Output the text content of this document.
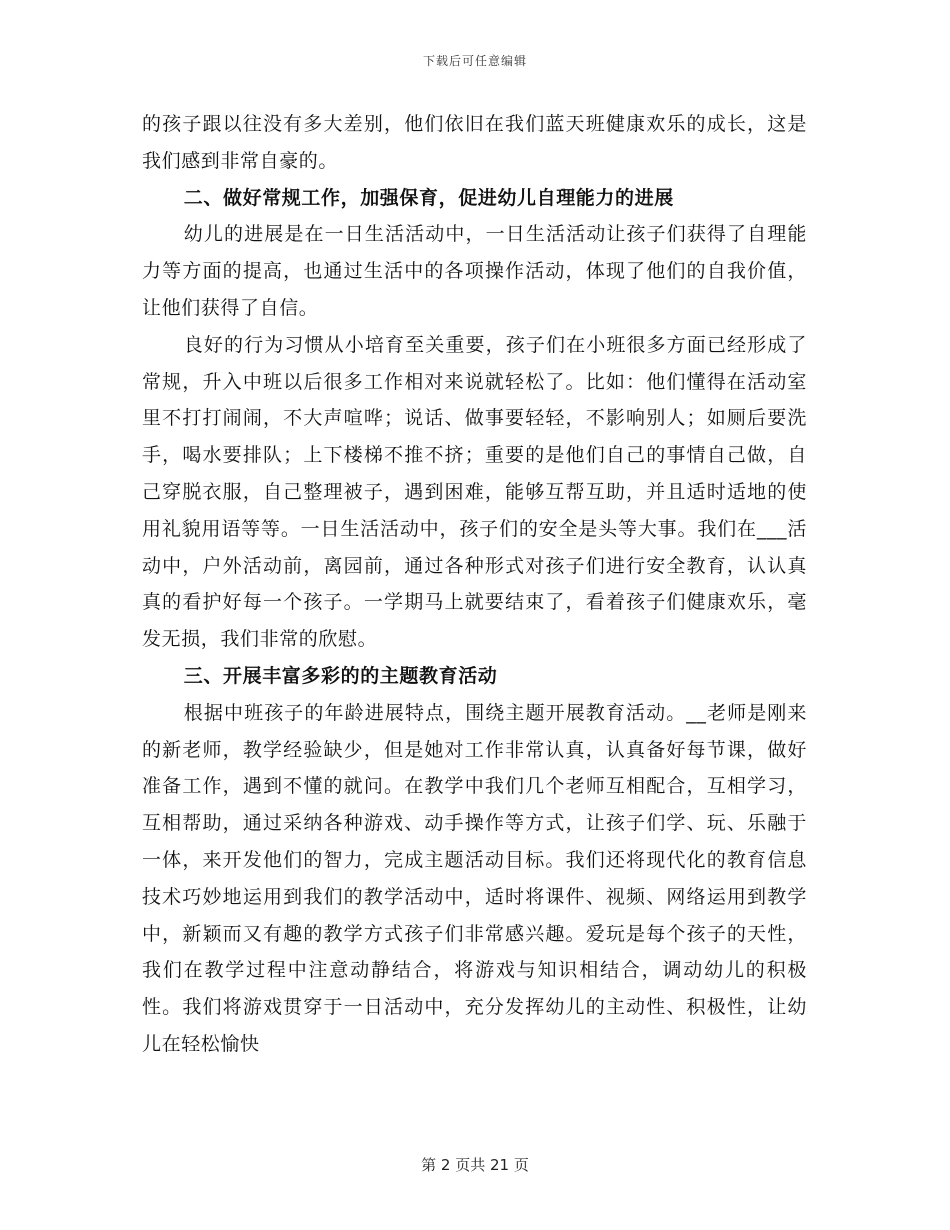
下载后可任意编辑

的孩子跟以往没有多大差别，他们依旧在我们蓝天班健康欢乐的成长，这是我们感到非常自豪的。

二、做好常规工作，加强保育，促进幼儿自理能力的进展

幼儿的进展是在一日生活活动中，一日生活活动让孩子们获得了自理能力等方面的提高，也通过生活中的各项操作活动，体现了他们的自我价值，让他们获得了自信。

良好的行为习惯从小培育至关重要，孩子们在小班很多方面已经形成了常规，升入中班以后很多工作相对来说就轻松了。比如：他们懂得在活动室里不打打闹闹，不大声喧哗；说话、做事要轻轻，不影响别人；如厕后要洗手，喝水要排队；上下楼梯不推不挤；重要的是他们自己的事情自己做，自己穿脱衣服，自己整理被子，遇到困难，能够互帮互助，并且适时适地的使用礼貌用语等等。一日生活活动中，孩子们的安全是头等大事。我们在___活动中，户外活动前，离园前，通过各种形式对孩子们进行安全教育，认认真真的看护好每一个孩子。一学期马上就要结束了，看着孩子们健康欢乐，毫发无损，我们非常的欣慰。

三、开展丰富多彩的的主题教育活动

根据中班孩子的年龄进展特点，围绕主题开展教育活动。__老师是刚来的新老师，教学经验缺少，但是她对工作非常认真，认真备好每节课，做好准备工作，遇到不懂的就问。在教学中我们几个老师互相配合，互相学习，互相帮助，通过采纳各种游戏、动手操作等方式，让孩子们学、玩、乐融于一体，来开发他们的智力，完成主题活动目标。我们还将现代化的教育信息技术巧妙地运用到我们的教学活动中，适时将课件、视频、网络运用到教学中，新颖而又有趣的教学方式孩子们非常感兴趣。爱玩是每个孩子的天性，我们在教学过程中注意动静结合，将游戏与知识相结合，调动幼儿的积极性。我们将游戏贯穿于一日活动中，充分发挥幼儿的主动性、积极性，让幼儿在轻松愉快

第 2 页共 21 页
